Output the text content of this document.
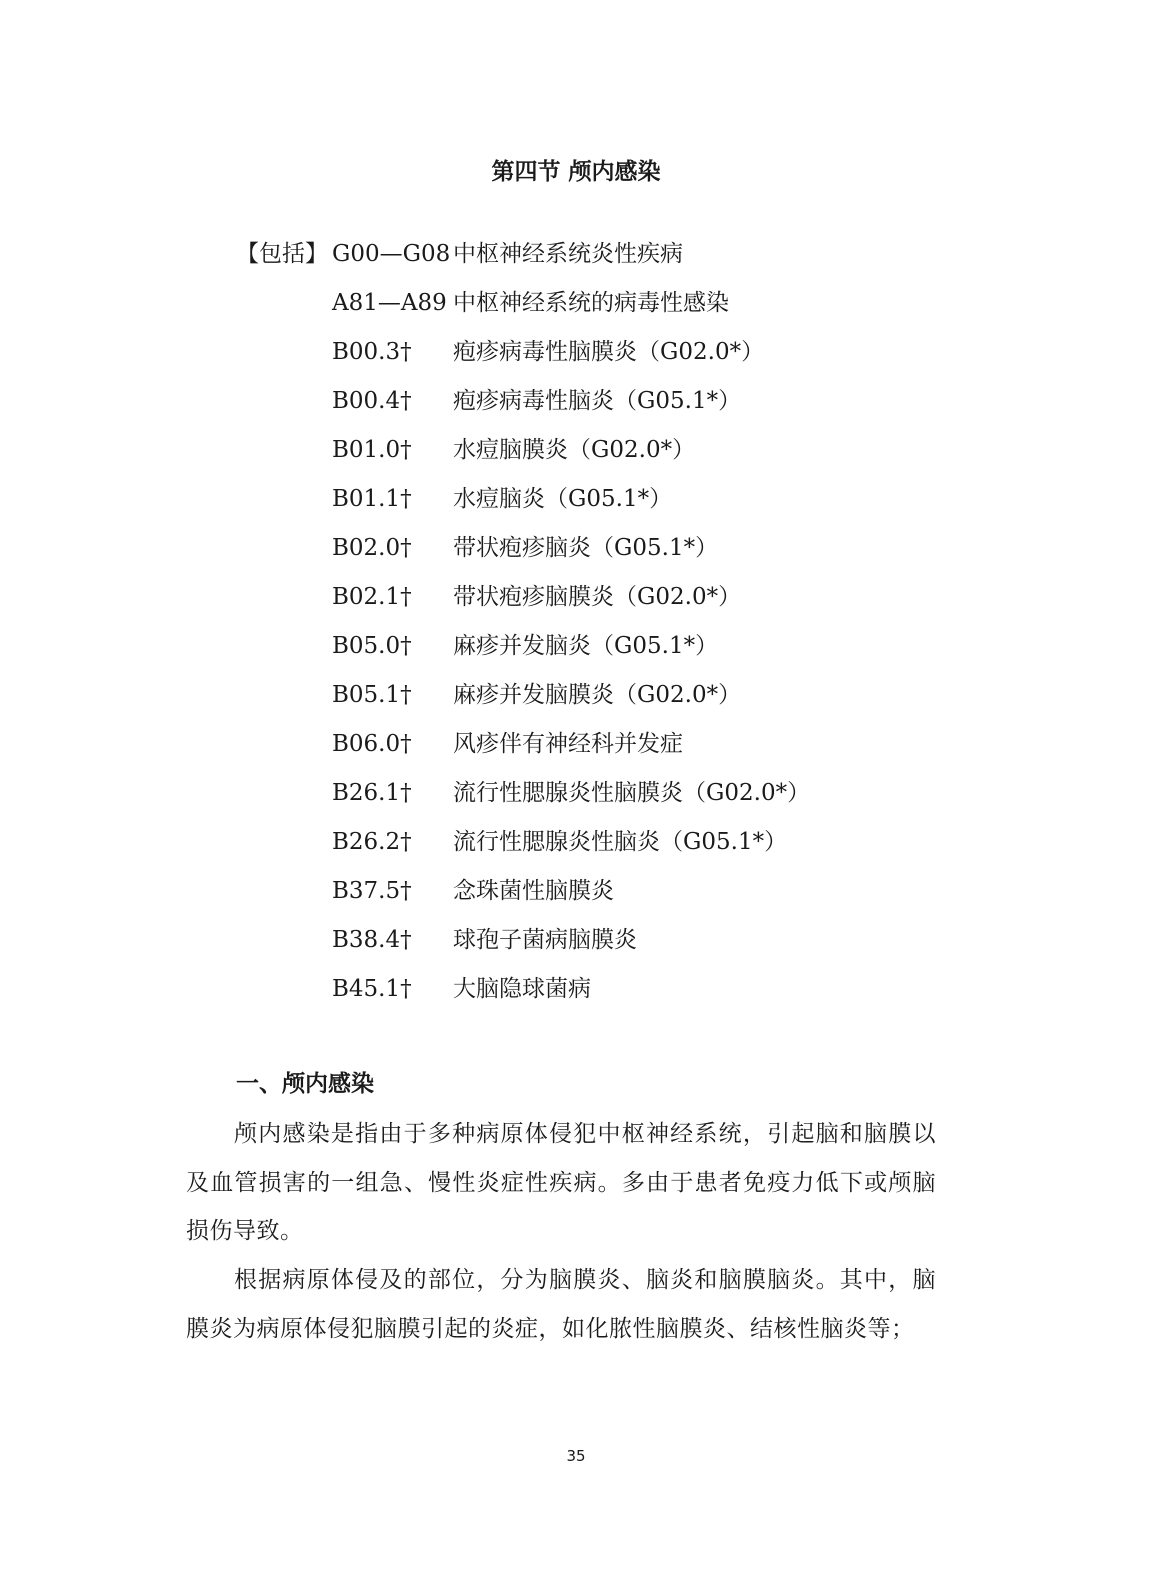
第四节 颅内感染
【包括】 G00—G08 中枢神经系统炎性疾病
A81—A89 中枢神经系统的病毒性感染
B00.3† 疱疹病毒性脑膜炎（G02.0*）
B00.4† 疱疹病毒性脑炎（G05.1*）
B01.0† 水痘脑膜炎（G02.0*）
B01.1† 水痘脑炎（G05.1*）
B02.0† 带状疱疹脑炎（G05.1*）
B02.1† 带状疱疹脑膜炎（G02.0*）
B05.0† 麻疹并发脑炎（G05.1*）
B05.1† 麻疹并发脑膜炎（G02.0*）
B06.0† 风疹伴有神经科并发症
B26.1† 流行性腮腺炎性脑膜炎（G02.0*）
B26.2† 流行性腮腺炎性脑炎（G05.1*）
B37.5† 念珠菌性脑膜炎
B38.4† 球孢子菌病脑膜炎
B45.1† 大脑隐球菌病
一、颅内感染

颅内感染是指由于多种病原体侵犯中枢神经系统，引起脑和脑膜以及血管损害的一组急、慢性炎症性疾病。多由于患者免疫力低下或颅脑损伤导致。

根据病原体侵及的部位，分为脑膜炎、脑炎和脑膜脑炎。其中，脑膜炎为病原体侵犯脑膜引起的炎症，如化脓性脑膜炎、结核性脑炎等；

35
